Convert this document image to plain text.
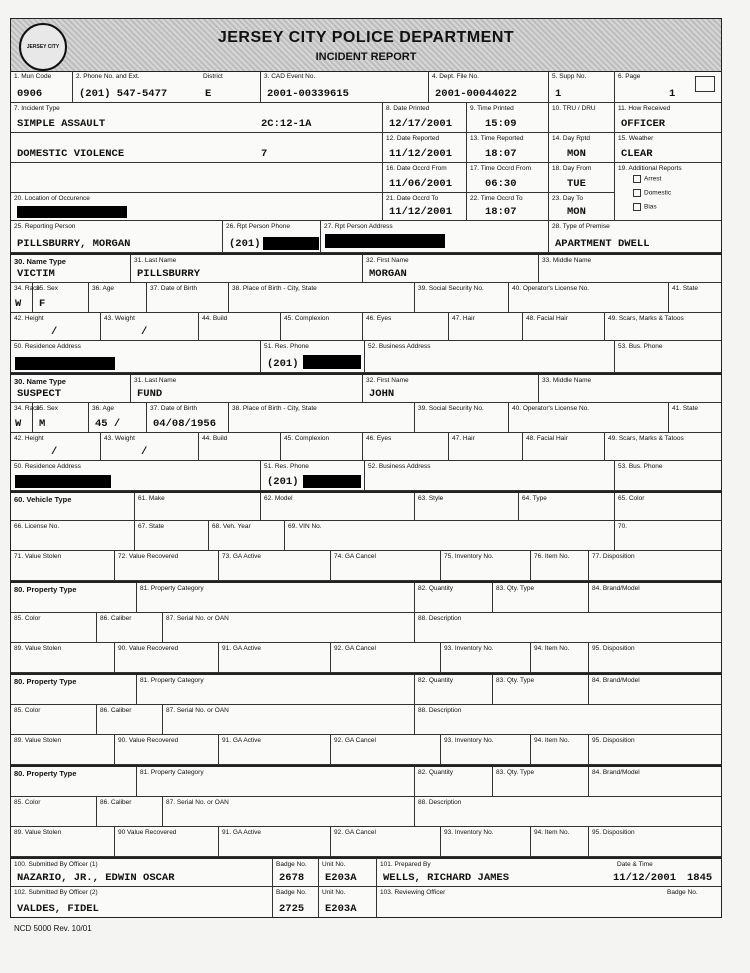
JERSEY CITY
JERSEY CITY POLICE DEPARTMENT
INCIDENT REPORT
1. Mun Code
0906
2. Phone No. and Ext.
(201) 547-5477
District
E
3. CAD Event No.
2001-00339615
4. Dept. File No.
2001-00044022
5. Supp No.
1
6. Page
1
7. Incident Type
SIMPLE ASSAULT	2C:12-1A
8. Date Printed
12/17/2001
9. Time Printed
15:09
10. TRU / DRU	11. How Received
OFFICER
DOMESTIC VIOLENCE	7
12. Date Reported
11/12/2001
13. Time Reported
18:07
14. Day Rptd
MON
15. Weather
CLEAR
16. Date Occrd From
11/06/2001
17. Time Occrd From
06:30
18. Day From
TUE
19. Additional Reports
Arrest
Domestic
Bias
20. Location of Occurence	21. Date Occrd To
11/12/2001
22. Time Occrd To
18:07
23. Day To
MON
25. Reporting Person
PILLSBURRY, MORGAN
26. Rpt Person Phone
(201)
27. Rpt Person Address	28. Type of Premise
APARTMENT DWELL
30. Name Type
VICTIM
31. Last Name
PILLSBURRY
32. First Name
MORGAN
33. Middle Name
34. Race
W
35. Sex
F
36. Age	37. Date of Birth	38. Place of Birth - City, State	39. Social Security No.	40. Operator's License No.	41. State
42. Height
/
43. Weight
/
44. Build	45. Complexion	46. Eyes	47. Hair	48. Facial Hair	49. Scars, Marks & Tatoos
50. Residence Address	51. Res. Phone
(201)
52. Business Address	53. Bus. Phone
30. Name Type
SUSPECT
31. Last Name
FUND
32. First Name
JOHN
33. Middle Name
34. Race
W
35. Sex
M
36. Age
45 /
37. Date of Birth
04/08/1956
38. Place of Birth - City, State	39. Social Security No.	40. Operator's License No.	41. State
42. Height
/
43. Weight
/
44. Build	45. Complexion	46. Eyes	47. Hair	48. Facial Hair	49. Scars, Marks & Tatoos
50. Residence Address	51. Res. Phone
(201)
52. Business Address	53. Bus. Phone
60. Vehicle Type	61. Make	62. Model	63. Style	64. Type	65. Color
66. License No.	67. State	68. Veh. Year	69. VIN No.	70.
71. Value Stolen	72. Value Recovered	73. GA Active	74. GA Cancel	75. Inventory No.	76. Item No.	77. Disposition
80. Property Type	81. Property Category	82. Quantity	83. Qty. Type	84. Brand/Model
85. Color	86. Caliber	87. Serial No. or OAN	88. Description
89. Value Stolen	90. Value Recovered	91. GA Active	92. GA Cancel	93. Inventory No.	94. Item No.	95. Disposition
80. Property Type	81. Property Category	82. Quantity	83. Qty. Type	84. Brand/Model
85. Color	86. Caliber	87. Serial No. or OAN	88. Description
89. Value Stolen	90. Value Recovered	91. GA Active	92. GA Cancel	93. Inventory No.	94. Item No.	95. Disposition
80. Property Type	81. Property Category	82. Quantity	83. Qty. Type	84. Brand/Model
85. Color	86. Caliber	87. Serial No. or OAN	88. Description
89. Value Stolen	90 Value Recovered	91. GA Active	92. GA Cancel	93. Inventory No.	94. Item No.	95. Disposition
100. Submitted By Officer (1)
NAZARIO, JR., EDWIN OSCAR
Badge No.
2678
Unit No.
E203A
101. Prepared By
WELLS, RICHARD JAMES
Date & Time
11/12/2001 1845
102. Submitted By Officer (2)
VALDES, FIDEL
Badge No.
2725
Unit No.
E203A
103. Reviewing Officer	Badge No.
NCD 5000 Rev. 10/01
